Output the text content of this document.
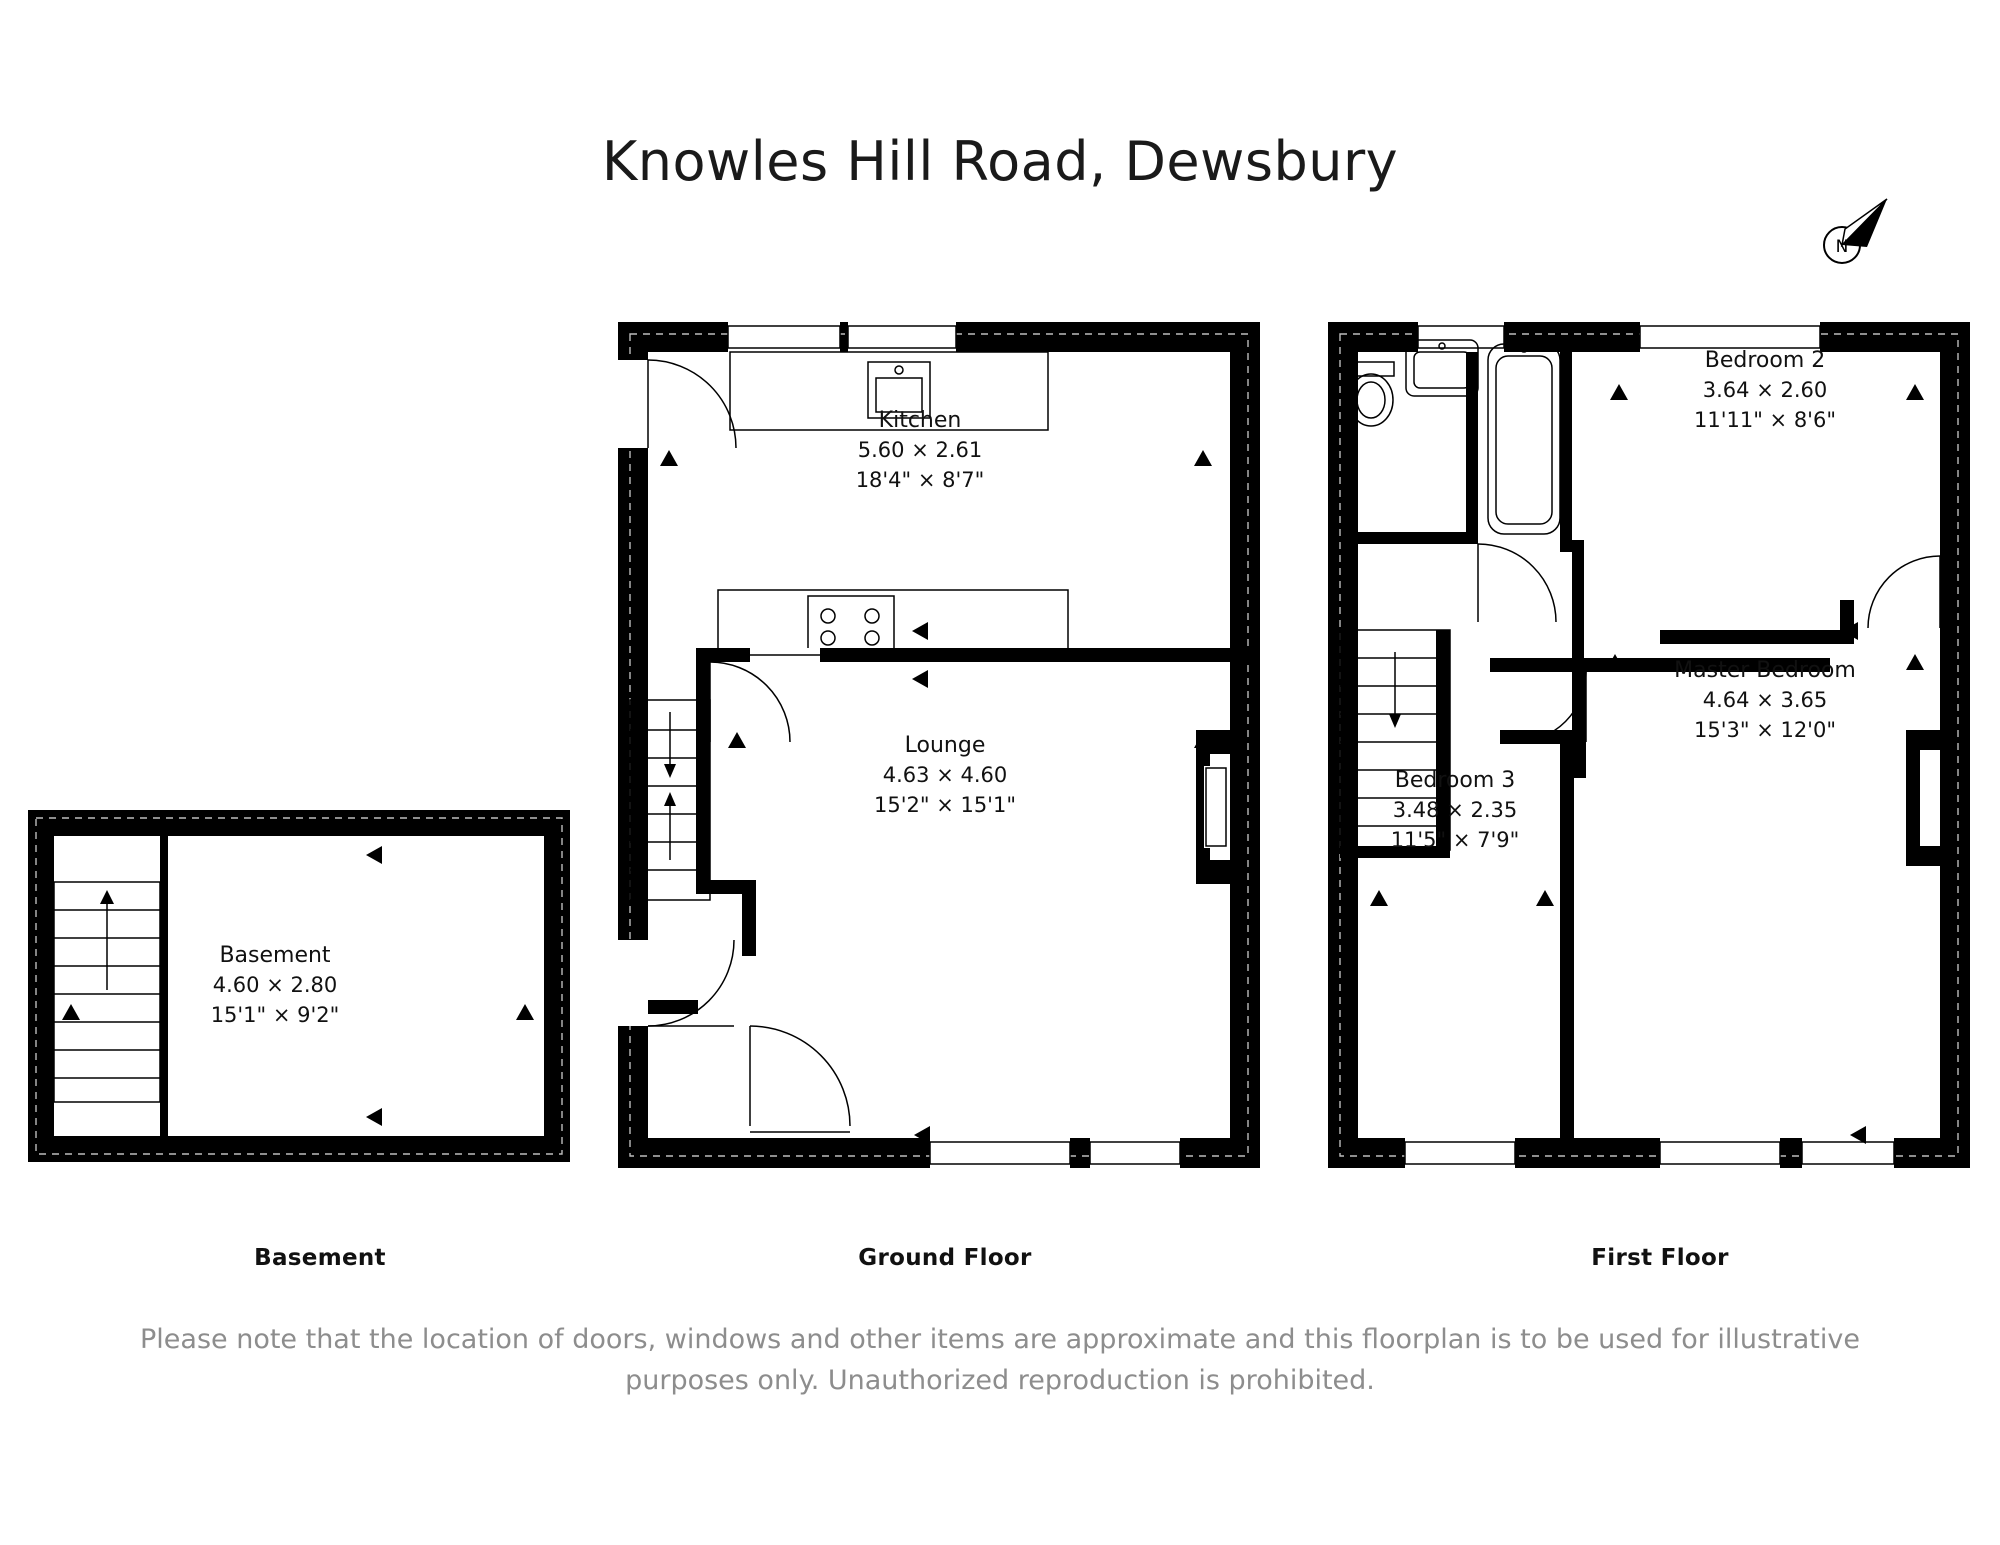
Knowles Hill Road, Dewsbury
N
Basement
4.60 × 2.80
15'1" × 9'2"
Basement
Kitchen
5.60 × 2.61
18'4" × 8'7"
Lounge
4.63 × 4.60
15'2" × 15'1"
Ground Floor
Bedroom 2
3.64 × 2.60
11'11" × 8'6"
Master Bedroom
4.64 × 3.65
15'3" × 12'0"
Bedroom 3
3.48 × 2.35
11'5" × 7'9"
First Floor
Please note that the location of doors, windows and other items are approximate and this floorplan is to be used for illustrative purposes only. Unauthorized reproduction is prohibited.
